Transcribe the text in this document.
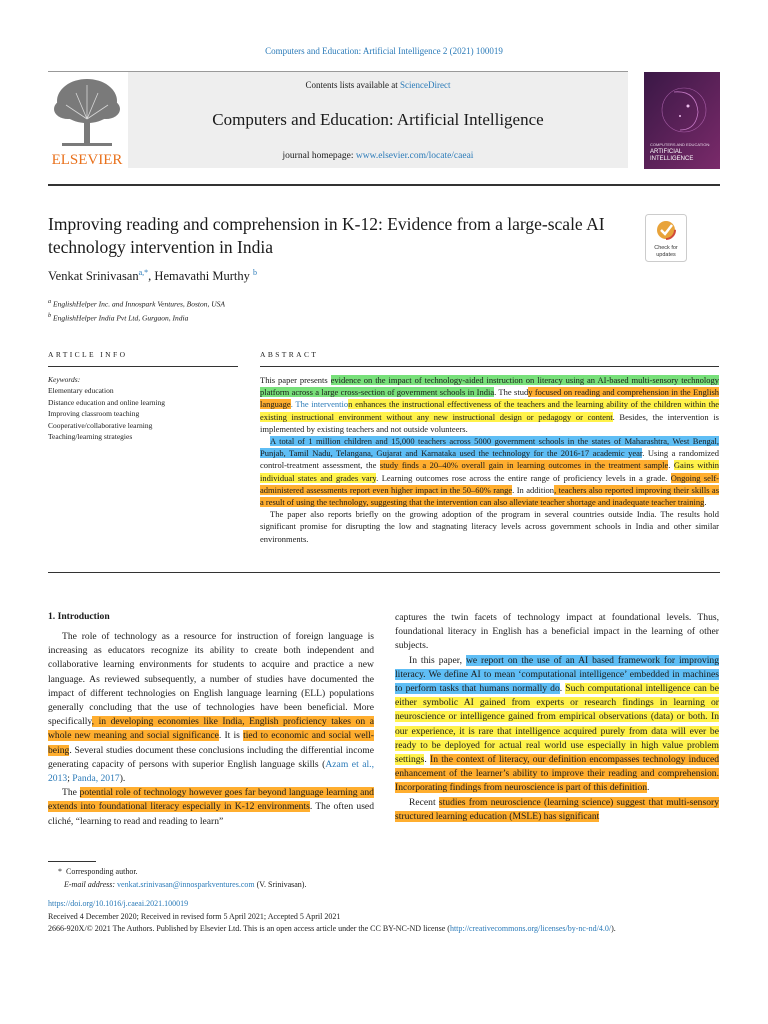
Computers and Education: Artificial Intelligence 2 (2021) 100019
ELSEVIER
Contents lists available at ScienceDirect
Computers and Education: Artificial Intelligence
journal homepage: www.elsevier.com/locate/caeai
COMPUTERS AND EDUCATION:
ARTIFICIAL
INTELLIGENCE
Improving reading and comprehension in K-12: Evidence from a large-scale AI technology intervention in India	Check for
updates
Venkat Srinivasan$^{a,*}$, Hemavathi Murthy $^b$
$^a$ EnglishHelper Inc. and Innospark Ventures, Boston, USA
$^b$ EnglishHelper India Pvt Ltd, Gurgaon, India
ARTICLE INFO	ABSTRACT
Keywords:
Elementary education
Distance education and online learning
Improving classroom teaching
Cooperative/collaborative learning
Teaching/learning strategies

This paper presents evidence on the impact of technology-aided instruction on literacy using an AI-based multi-sensory technology platform across a large cross-section of government schools in India. The study focused on reading and comprehension in the English language. The intervention enhances the instructional effectiveness of the teachers and the learning ability of the children within the existing instructional environment without any new instructional design or pedagogy or content. Besides, the intervention is implemented by existing teachers and not outside volunteers.

A total of 1 million children and 15,000 teachers across 5000 government schools in the states of Maharashtra, West Bengal, Punjab, Tamil Nadu, Telangana, Gujarat and Karnataka used the technology for the 2016-17 academic year. Using a randomized control-treatment assessment, the study finds a 20–40% overall gain in learning outcomes in the treatment sample. Gains within individual states and grades vary. Learning outcomes rose across the entire range of proficiency levels in a grade. Ongoing self-administered assessments report even higher impact in the 50–60% range. In addition, teachers also reported improving their skills as a result of using the technology, suggesting that the intervention can also alleviate teacher shortage and inadequate teacher training.

The paper also reports briefly on the growing adoption of the program in several countries outside India. The results hold significant promise for disrupting the low and stagnating literacy levels across government schools in India and other similar environments.

1. Introduction

The role of technology as a resource for instruction of foreign language is increasing as educators recognize its ability to create both independent and collaborative learning environments for students to acquire and practice a new language. As reviewed subsequently, a number of studies have documented the impact of different technologies on English language learning (ELL) populations generally concluding that the use of technologies have been beneficial. More specifically, in developing economies like India, English proficiency takes on a whole new meaning and social significance. It is tied to economic and social well-being. Several studies document these conclusions including the differential income generating capacity of persons with superior English language skills (Azam et al., 2013; Panda, 2017).

The potential role of technology however goes far beyond language learning and extends into foundational literacy especially in K-12 environments. The often used cliché, “learning to read and reading to learn”

captures the twin facets of technology impact at foundational levels. Thus, foundational literacy in English has a beneficial impact in the learning of other subjects.

In this paper, we report on the use of an AI based framework for improving literacy. We define AI to mean ‘computational intelligence’ embedded in machines to perform tasks that humans normally do. Such computational intelligence can be either symbolic AI gained from experts or research findings in learning or neuroscience or intelligence gained from empirical observations (data) or both. In our experience, it is rare that intelligence acquired purely from data will ever be ready to be deployed for actual real world use especially in high value problem settings. In the context of literacy, our definition encompasses technology induced enhancement of the learner’s ability to improve their reading and comprehension. Incorporating findings from neuroscience is part of this definition.

Recent studies from neuroscience (learning science) suggest that multi-sensory structured learning education (MSLE) has significant

* Corresponding author.
E-mail address: venkat.srinivasan@innosparkventures.com (V. Srinivasan).
https://doi.org/10.1016/j.caeai.2021.100019
Received 4 December 2020; Received in revised form 5 April 2021; Accepted 5 April 2021
2666-920X/© 2021 The Authors. Published by Elsevier Ltd. This is an open access article under the CC BY-NC-ND license (http://creativecommons.org/licenses/by-nc-nd/4.0/).
